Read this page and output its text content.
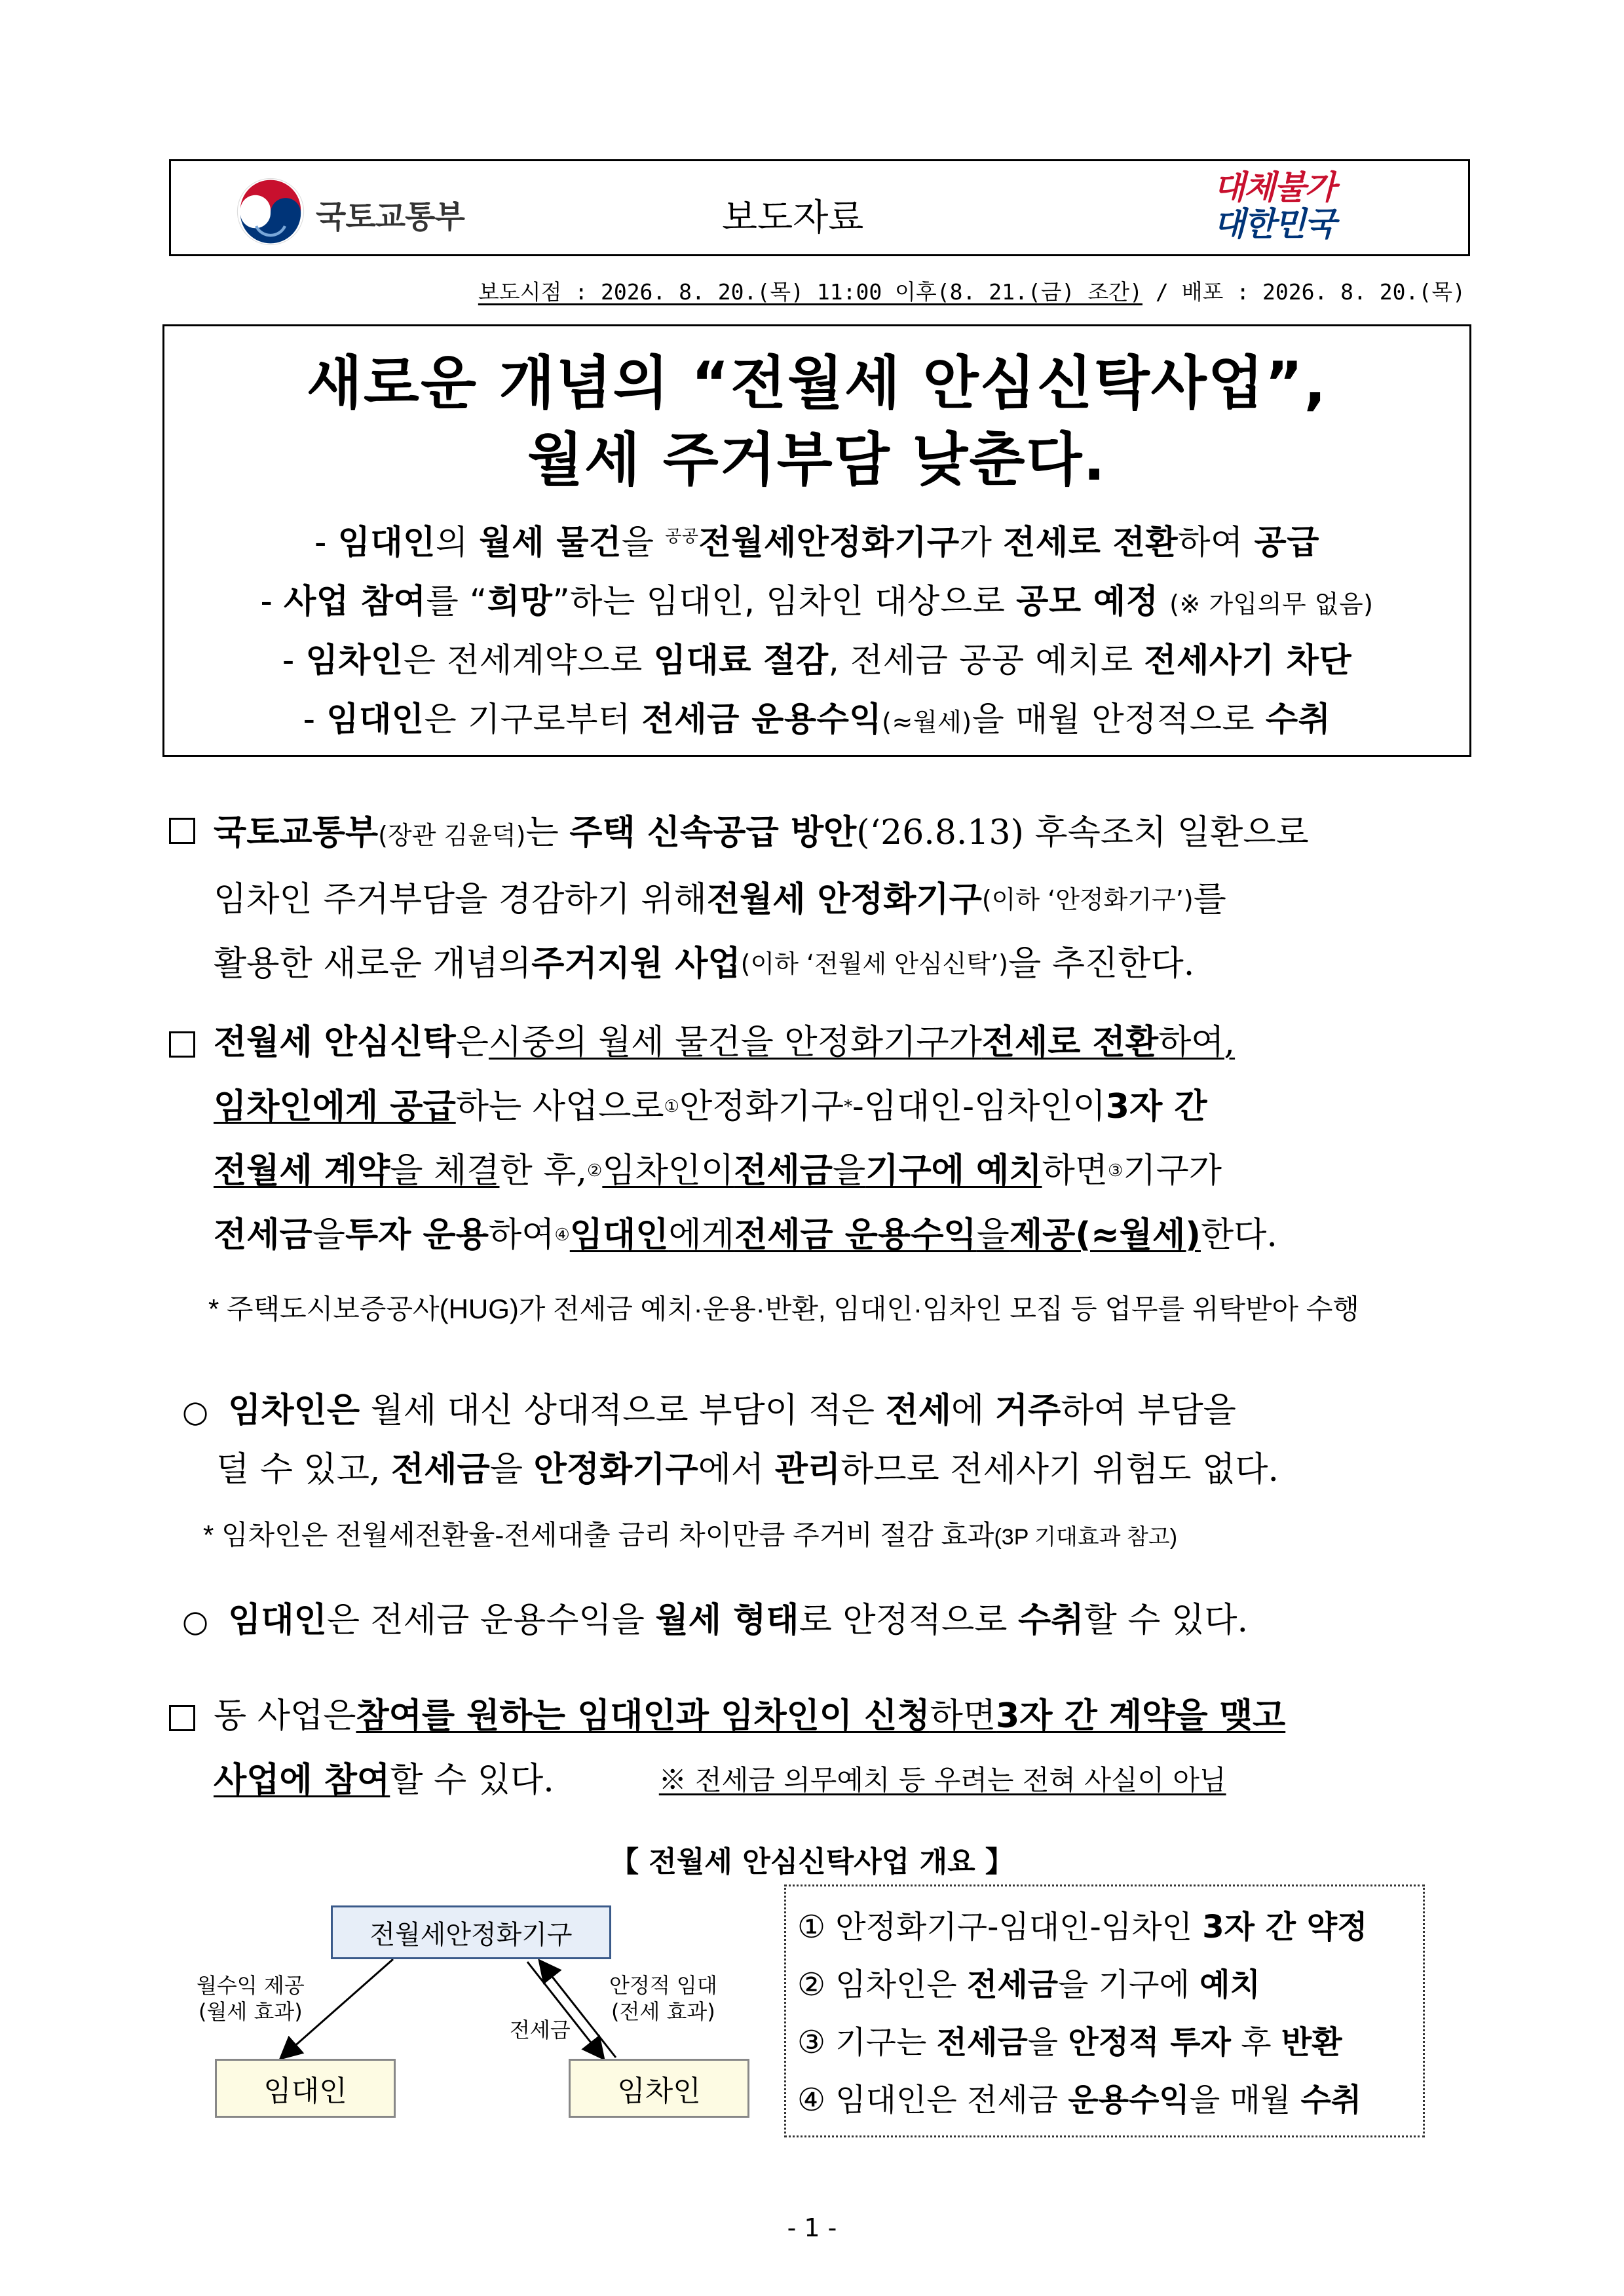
국토교통부	보도자료
대체불가
대한민국
보도시점 : 2026. 8. 20.(목) 11:00 이후(8. 21.(금) 조간) / 배포 : 2026. 8. 20.(목)
새로운 개념의 “전월세 안심신탁사업”,
월세 주거부담 낮춘다.
- 임대인의 월세 물건을 $^{공공}$전월세안정화기구가 전세로 전환하여 공급
- 사업 참여를 “희망”하는 임대인, 임차인 대상으로 공모 예정 (※ 가입의무 없음)
- 임차인은 전세계약으로 임대료 절감, 전세금 공공 예치로 전세사기 차단
- 임대인은 기구로부터 전세금 운용수익(≈월세)을 매월 안정적으로 수취
국토교통부(장관 김윤덕)는 주택 신속공급 방안(‘26.8.13) 후속조치 일환으로
임차인 주거부담을 경감하기 위해 전월세 안정화기구 (이하 ‘안정화기구’) 를
활용한 새로운 개념의 주거지원 사업 (이하 ‘전월세 안심신탁’) 을 추진한다.
전월세 안심신탁 은 시중의 월세 물건을 안정화기구가 전세로 전환 하여,
임차인에게 공급 하는 사업으로 ① 안정화기구 * -임대인-임차인이 3자 간
전월세 계약 을 체결 한 후, ② 임차인이 전세금 을 기구에 예치 하면 ③ 기구가
전세금 을 투자 운용 하여 ④ 임대인 에게 전세금 운용수익 을 제공(≈월세) 한다.
* 주택도시보증공사(HUG)가 전세금 예치·운용·반환, 임대인·임차인 모집 등 업무를 위탁받아 수행
○ 임차인은 월세 대신 상대적으로 부담이 적은 전세에 거주하여 부담을
덜 수 있고, 전세금을 안정화기구에서 관리하므로 전세사기 위험도 없다.
* 임차인은 전월세전환율-전세대출 금리 차이만큼 주거비 절감 효과(3P 기대효과 참고)
○ 임대인은 전세금 운용수익을 월세 형태로 안정적으로 수취할 수 있다.
동 사업은 참여를 원하는 임대인과 임차인이 신청 하면 3자 간 계약을 맺고
사업에 참여 할 수 있다.	※ 전세금 의무예치 등 우려는 전혀 사실이 아님
【 전월세 안심신탁사업 개요 】
전월세안정화기구
임대인	임차인
월수익 제공
(월세 효과)
전세금
안정적 임대
(전세 효과)
① 안정화기구-임대인-임차인 3자 간 약정
② 임차인은 전세금을 기구에 예치
③ 기구는 전세금을 안정적 투자 후 반환
④ 임대인은 전세금 운용수익을 매월 수취
- 1 -
